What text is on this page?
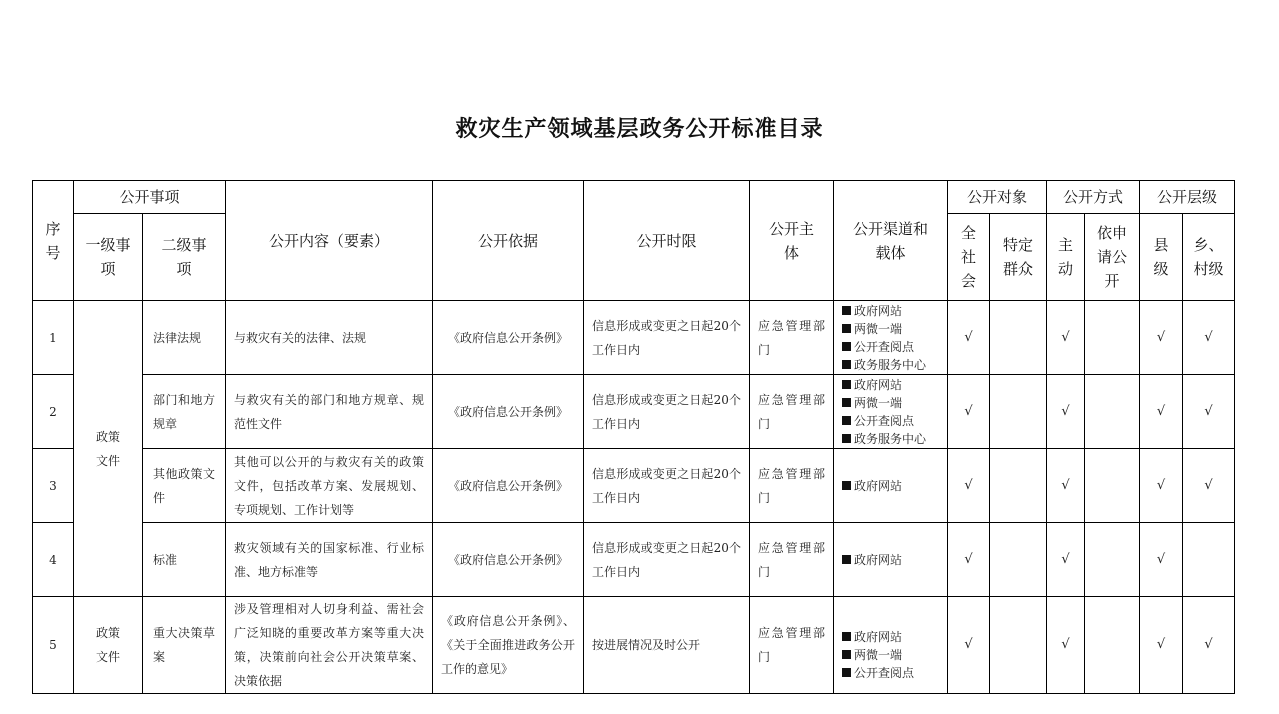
救灾生产领域基层政务公开标准目录
序号	公开事项		公开内容（要素）	公开依据	公开时限	公开主体	公开渠道和载体	公开对象		公开方式		公开层级	
	一级事项	二级事项						全社会	特定群众	主动	依申请公开	县级	乡、村级
1	政策文件	法律法规	与救灾有关的法律、法规	《政府信息公开条例》	信息形成或变更之日起20个工作日内	应急管理部门	政府网站
两微一端
公开查阅点
政务服务中心	√		√		√	√
2		部门和地方规章	与救灾有关的部门和地方规章、规范性文件	《政府信息公开条例》	信息形成或变更之日起20个工作日内	应急管理部门	政府网站
两微一端
公开查阅点
政务服务中心	√		√		√	√
3		其他政策文件	其他可以公开的与救灾有关的政策文件，包括改革方案、发展规划、专项规划、工作计划等	《政府信息公开条例》	信息形成或变更之日起20个工作日内	应急管理部门	政府网站	√		√		√	√
4		标准	救灾领域有关的国家标准、行业标准、地方标准等	《政府信息公开条例》	信息形成或变更之日起20个工作日内	应急管理部门	政府网站	√		√		√	
5	政策文件	重大决策草案	涉及管理相对人切身利益、需社会广泛知晓的重要改革方案等重大决策，决策前向社会公开决策草案、决策依据	《政府信息公开条例》、《关于全面推进政务公开工作的意见》	按进展情况及时公开	应急管理部门	政府网站
两微一端
公开查阅点	√		√		√	√
